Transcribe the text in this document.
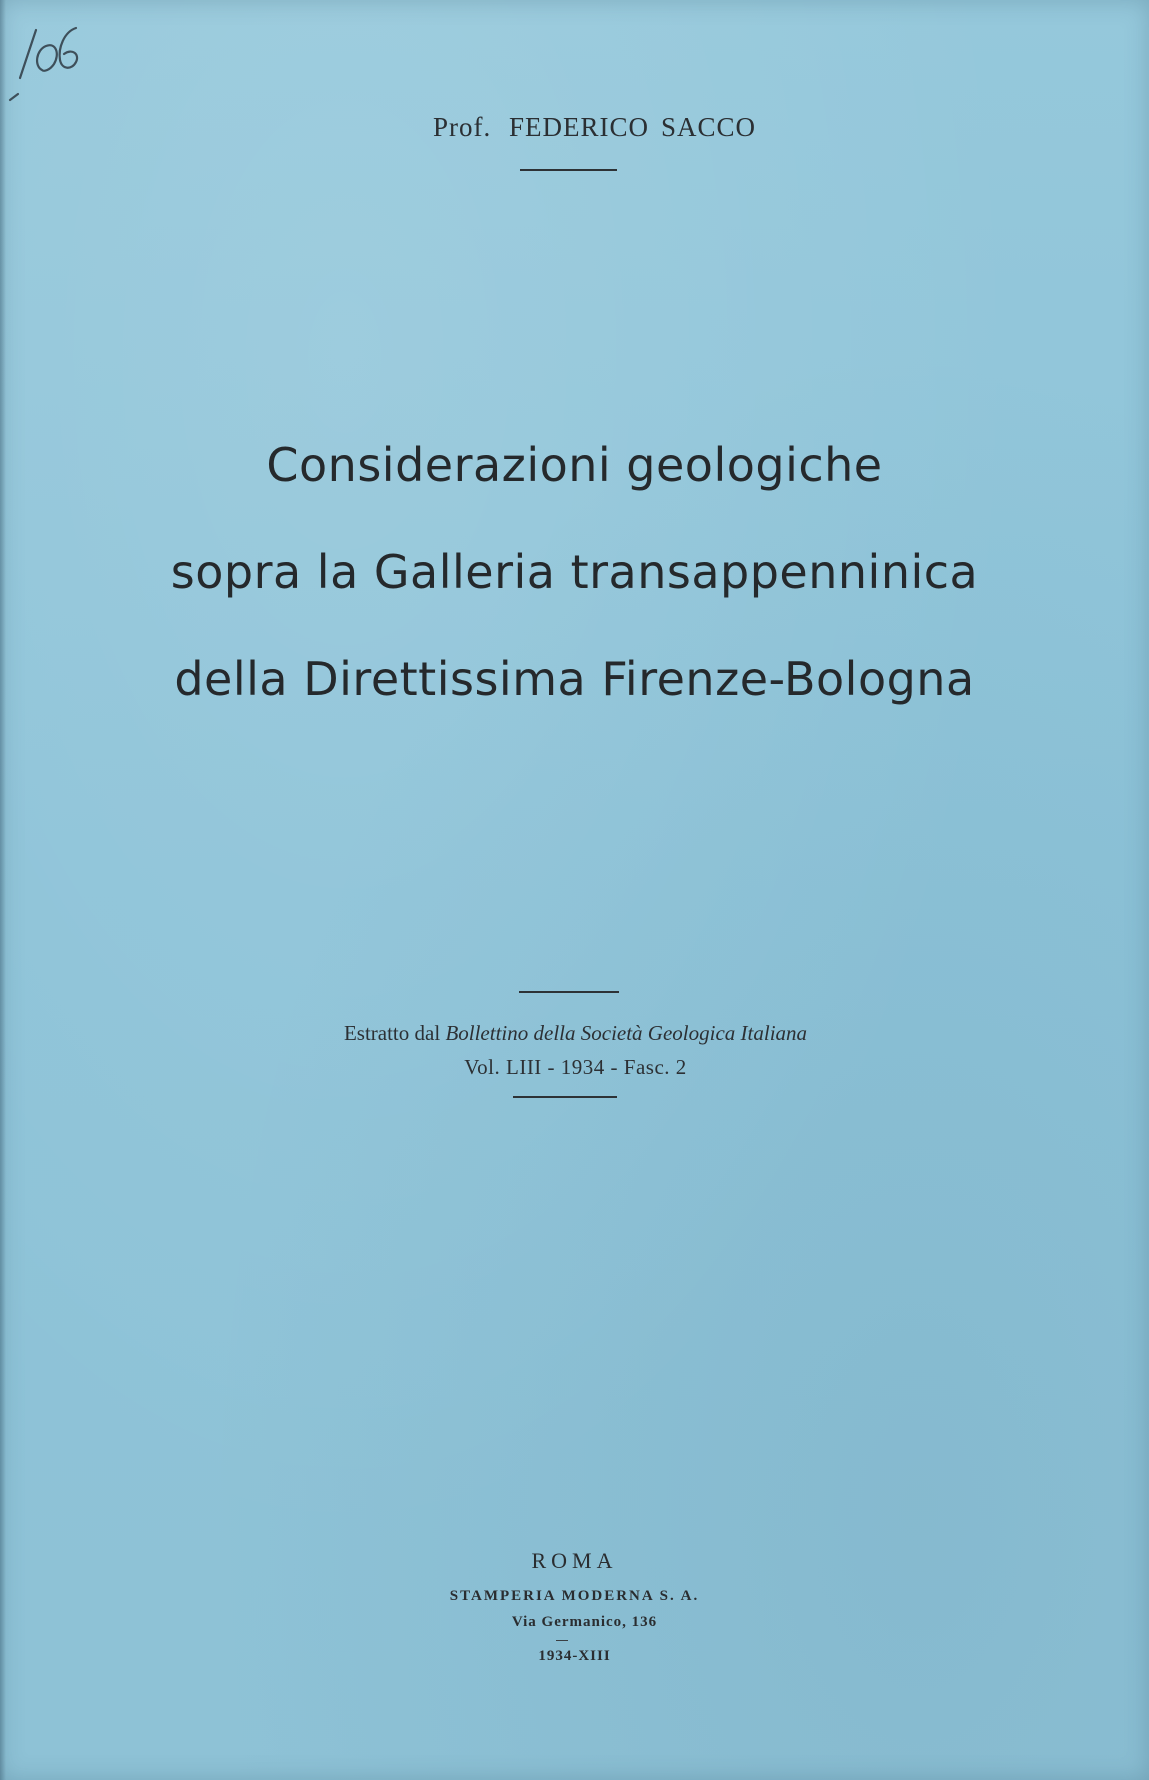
Prof. FEDERICO SACCO
Considerazioni geologiche
sopra la Galleria transappenninica
della Direttissima Firenze-Bologna
Estratto dal Bollettino della Società Geologica Italiana
Vol. LIII - 1934 - Fasc. 2
ROMA
STAMPERIA MODERNA S. A.
Via Germanico, 136
1934-XIII
